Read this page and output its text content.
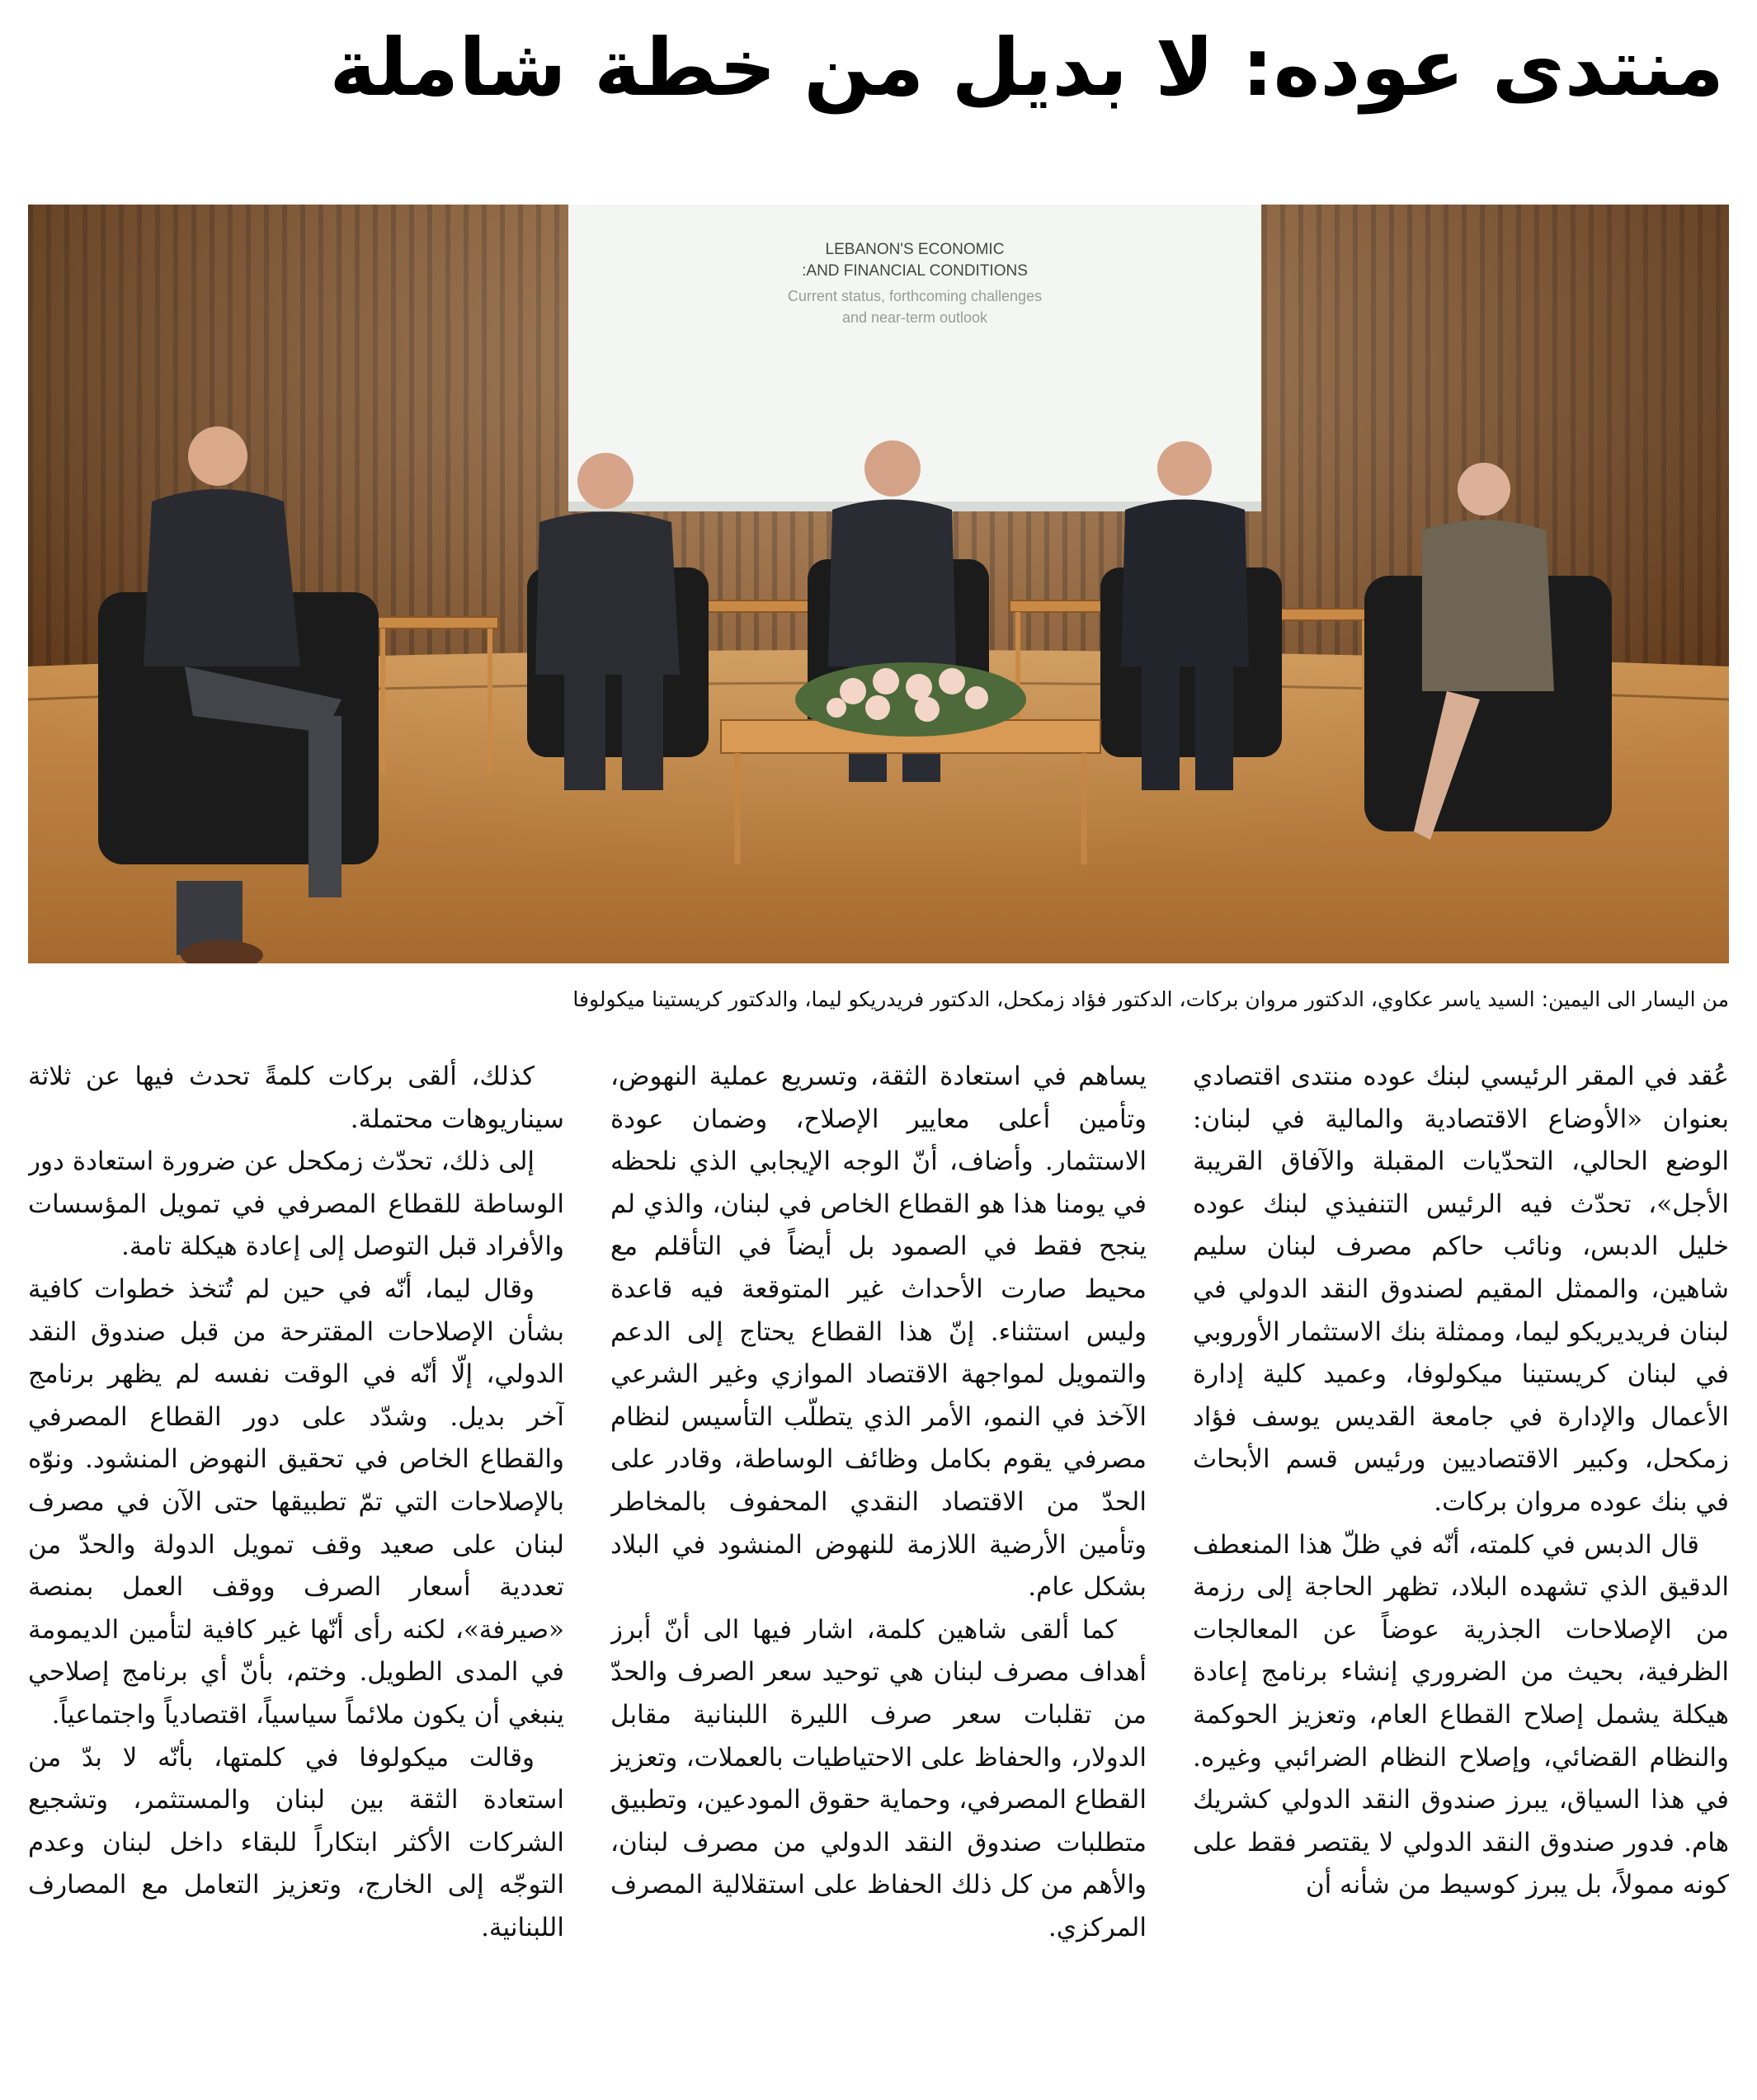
منتدى عوده: لا بديل من خطة شاملة
LEBANON'S ECONOMIC
AND FINANCIAL CONDITIONS:
Current status, forthcoming challenges
and near-term outlook
من اليسار الى اليمين: السيد ياسر عكاوي، الدكتور مروان بركات، الدكتور فؤاد زمكحل، الدكتور فريدريكو ليما، والدكتور كريستينا ميكولوفا

عُقد في المقر الرئيسي لبنك عوده منتدى اقتصادي بعنوان «الأوضاع الاقتصادية والمالية في لبنان: الوضع الحالي، التحدّيات المقبلة والآفاق القريبة الأجل»، تحدّث فيه الرئيس التنفيذي لبنك عوده خليل الدبس، ونائب حاكم مصرف لبنان سليم شاهين، والممثل المقيم لصندوق النقد الدولي في لبنان فريديريكو ليما، وممثلة بنك الاستثمار الأوروبي في لبنان كريستينا ميكولوفا، وعميد كلية إدارة الأعمال والإدارة في جامعة القديس يوسف فؤاد زمكحل، وكبير الاقتصاديين ورئيس قسم الأبحاث في بنك عوده مروان بركات.

قال الدبس في كلمته، أنّه في ظلّ هذا المنعطف الدقيق الذي تشهده البلاد، تظهر الحاجة إلى رزمة من الإصلاحات الجذرية عوضاً عن المعالجات الظرفية، بحيث من الضروري إنشاء برنامج إعادة هيكلة يشمل إصلاح القطاع العام، وتعزيز الحوكمة والنظام القضائي، وإصلاح النظام الضرائبي وغيره. في هذا السياق، يبرز صندوق النقد الدولي كشريك هام. فدور صندوق النقد الدولي لا يقتصر فقط على كونه ممولاً، بل يبرز كوسيط من شأنه أن

يساهم في استعادة الثقة، وتسريع عملية النهوض، وتأمين أعلى معايير الإصلاح، وضمان عودة الاستثمار. وأضاف، أنّ الوجه الإيجابي الذي نلحظه في يومنا هذا هو القطاع الخاص في لبنان، والذي لم ينجح فقط في الصمود بل أيضاً في التأقلم مع محيط صارت الأحداث غير المتوقعة فيه قاعدة وليس استثناء. إنّ هذا القطاع يحتاج إلى الدعم والتمويل لمواجهة الاقتصاد الموازي وغير الشرعي الآخذ في النمو، الأمر الذي يتطلّب التأسيس لنظام مصرفي يقوم بكامل وظائف الوساطة، وقادر على الحدّ من الاقتصاد النقدي المحفوف بالمخاطر وتأمين الأرضية اللازمة للنهوض المنشود في البلاد بشكل عام.

كما ألقى شاهين كلمة، اشار فيها الى أنّ أبرز أهداف مصرف لبنان هي توحيد سعر الصرف والحدّ من تقلبات سعر صرف الليرة اللبنانية مقابل الدولار، والحفاظ على الاحتياطيات بالعملات، وتعزيز القطاع المصرفي، وحماية حقوق المودعين، وتطبيق متطلبات صندوق النقد الدولي من مصرف لبنان، والأهم من كل ذلك الحفاظ على استقلالية المصرف المركزي.

كذلك، ألقى بركات كلمةً تحدث فيها عن ثلاثة سيناريوهات محتملة.

إلى ذلك، تحدّث زمكحل عن ضرورة استعادة دور الوساطة للقطاع المصرفي في تمويل المؤسسات والأفراد قبل التوصل إلى إعادة هيكلة تامة.

وقال ليما، أنّه في حين لم تُتخذ خطوات كافية بشأن الإصلاحات المقترحة من قبل صندوق النقد الدولي، إلّا أنّه في الوقت نفسه لم يظهر برنامج آخر بديل. وشدّد على دور القطاع المصرفي والقطاع الخاص في تحقيق النهوض المنشود. ونوّه بالإصلاحات التي تمّ تطبيقها حتى الآن في مصرف لبنان على صعيد وقف تمويل الدولة والحدّ من تعددية أسعار الصرف ووقف العمل بمنصة «صيرفة»، لكنه رأى أنّها غير كافية لتأمين الديمومة في المدى الطويل. وختم، بأنّ أي برنامج إصلاحي ينبغي أن يكون ملائماً سياسياً، اقتصادياً واجتماعياً.

وقالت ميكولوفا في كلمتها، بأنّه لا بدّ من استعادة الثقة بين لبنان والمستثمر، وتشجيع الشركات الأكثر ابتكاراً للبقاء داخل لبنان وعدم التوجّه إلى الخارج، وتعزيز التعامل مع المصارف اللبنانية.
